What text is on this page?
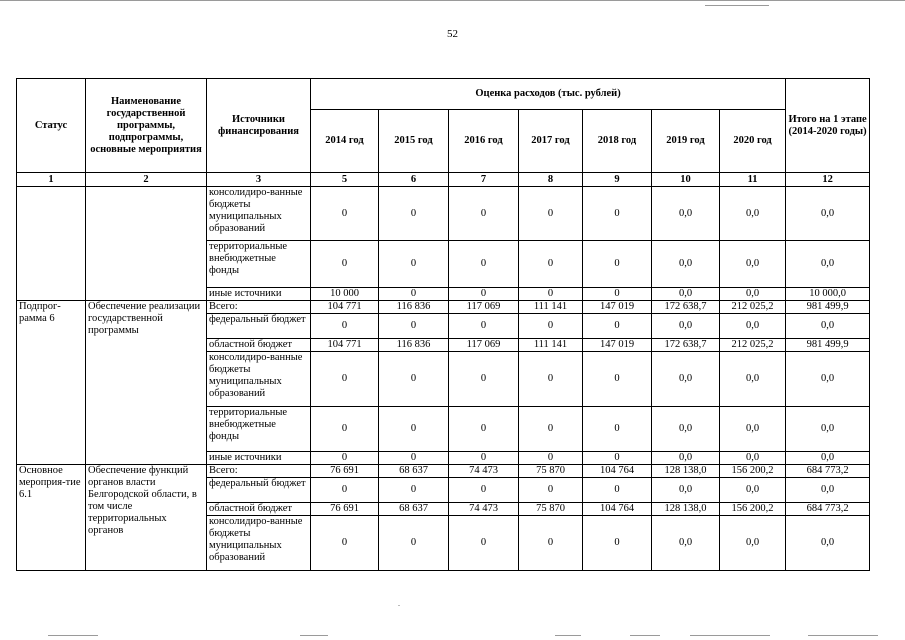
52
Статус	Наименование государственной программы, подпрограммы, основные мероприятия	Источники финансирования	Оценка расходов (тыс. рублей)							Итого на 1 этапе (2014-2020 годы)
			2014 год	2015 год	2016 год	2017 год	2018 год	2019 год	2020 год	
1	2	3	5	6	7	8	9	10	11	12
		консолидиро-ванные бюджеты муниципальных образований	0	0	0	0	0	0,0	0,0	0,0
		территориальные внебюджетные фонды	0	0	0	0	0	0,0	0,0	0,0
		иные источники	10 000	0	0	0	0	0,0	0,0	10 000,0
Подпрог-рамма 6	Обеспечение реализации государственной программы	Всего:	104 771	116 836	117 069	111 141	147 019	172 638,7	212 025,2	981 499,9
		федеральный бюджет	0	0	0	0	0	0,0	0,0	0,0
		областной бюджет	104 771	116 836	117 069	111 141	147 019	172 638,7	212 025,2	981 499,9
		консолидиро-ванные бюджеты муниципальных образований	0	0	0	0	0	0,0	0,0	0,0
		территориальные внебюджетные фонды	0	0	0	0	0	0,0	0,0	0,0
		иные источники	0	0	0	0	0	0,0	0,0	0,0
Основное мероприя-тие 6.1	Обеспечение функций органов власти Белгородской области, в том числе территориальных органов	Всего:	76 691	68 637	74 473	75 870	104 764	128 138,0	156 200,2	684 773,2
		федеральный бюджет	0	0	0	0	0	0,0	0,0	0,0
		областной бюджет	76 691	68 637	74 473	75 870	104 764	128 138,0	156 200,2	684 773,2
		консолидиро-ванные бюджеты муниципальных образований	0	0	0	0	0	0,0	0,0	0,0
